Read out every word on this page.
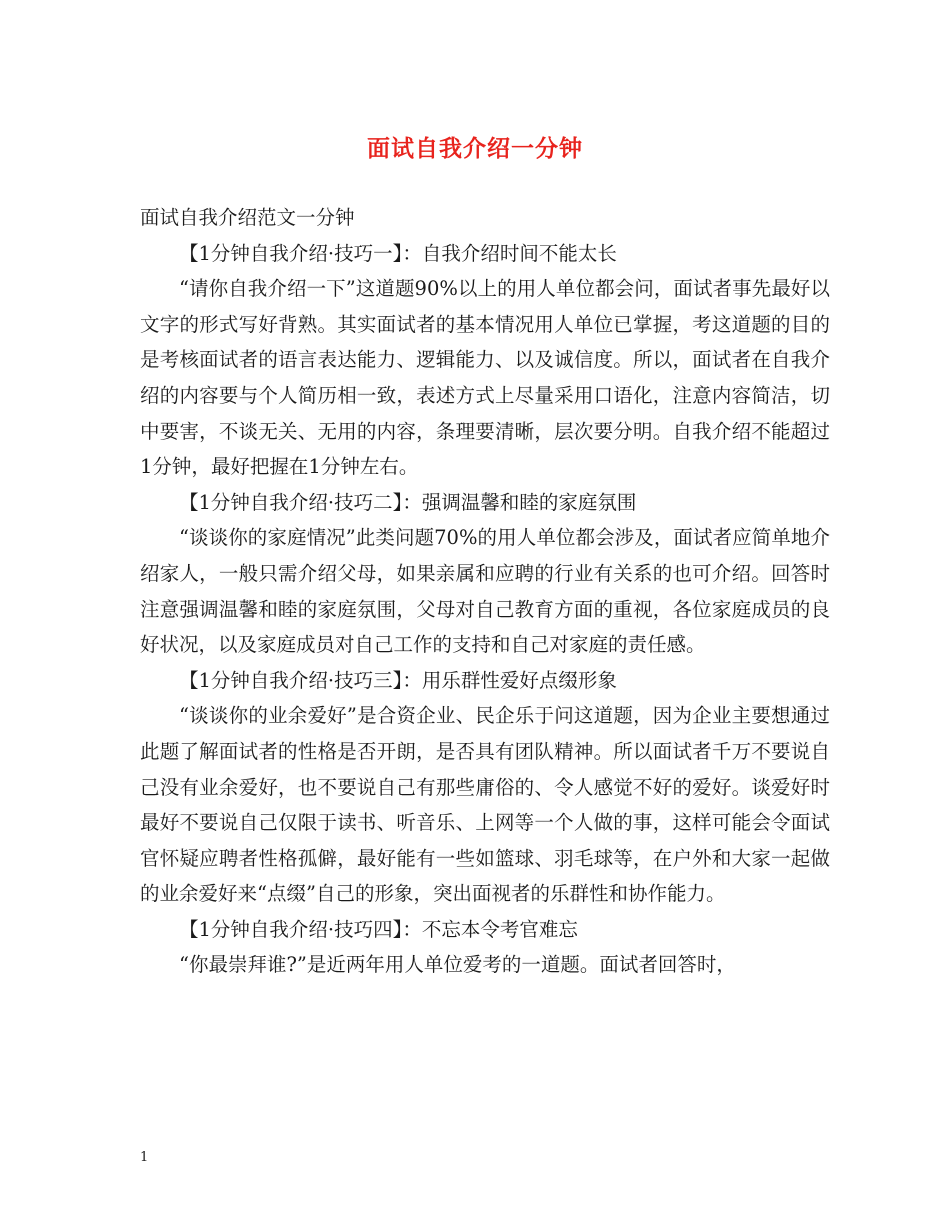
面试自我介绍一分钟

面试自我介绍范文一分钟

【1分钟自我介绍·技巧一】：自我介绍时间不能太长

“请你自我介绍一下”这道题90%以上的用人单位都会问，面试者事先最好以文字的形式写好背熟。其实面试者的基本情况用人单位已掌握，考这道题的目的是考核面试者的语言表达能力、逻辑能力、以及诚信度。所以，面试者在自我介绍的内容要与个人简历相一致，表述方式上尽量采用口语化，注意内容简洁，切中要害，不谈无关、无用的内容，条理要清晰，层次要分明。自我介绍不能超过1分钟，最好把握在1分钟左右。

【1分钟自我介绍·技巧二】：强调温馨和睦的家庭氛围

“谈谈你的家庭情况”此类问题70%的用人单位都会涉及，面试者应简单地介绍家人，一般只需介绍父母，如果亲属和应聘的行业有关系的也可介绍。回答时注意强调温馨和睦的家庭氛围，父母对自己教育方面的重视，各位家庭成员的良好状况，以及家庭成员对自己工作的支持和自己对家庭的责任感。

【1分钟自我介绍·技巧三】：用乐群性爱好点缀形象

“谈谈你的业余爱好”是合资企业、民企乐于问这道题，因为企业主要想通过此题了解面试者的性格是否开朗，是否具有团队精神。所以面试者千万不要说自己没有业余爱好，也不要说自己有那些庸俗的、令人感觉不好的爱好。谈爱好时最好不要说自己仅限于读书、听音乐、上网等一个人做的事，这样可能会令面试官怀疑应聘者性格孤僻，最好能有一些如篮球、羽毛球等，在户外和大家一起做的业余爱好来“点缀”自己的形象，突出面视者的乐群性和协作能力。

【1分钟自我介绍·技巧四】：不忘本令考官难忘

“你最崇拜谁?”是近两年用人单位爱考的一道题。面试者回答时，

1
